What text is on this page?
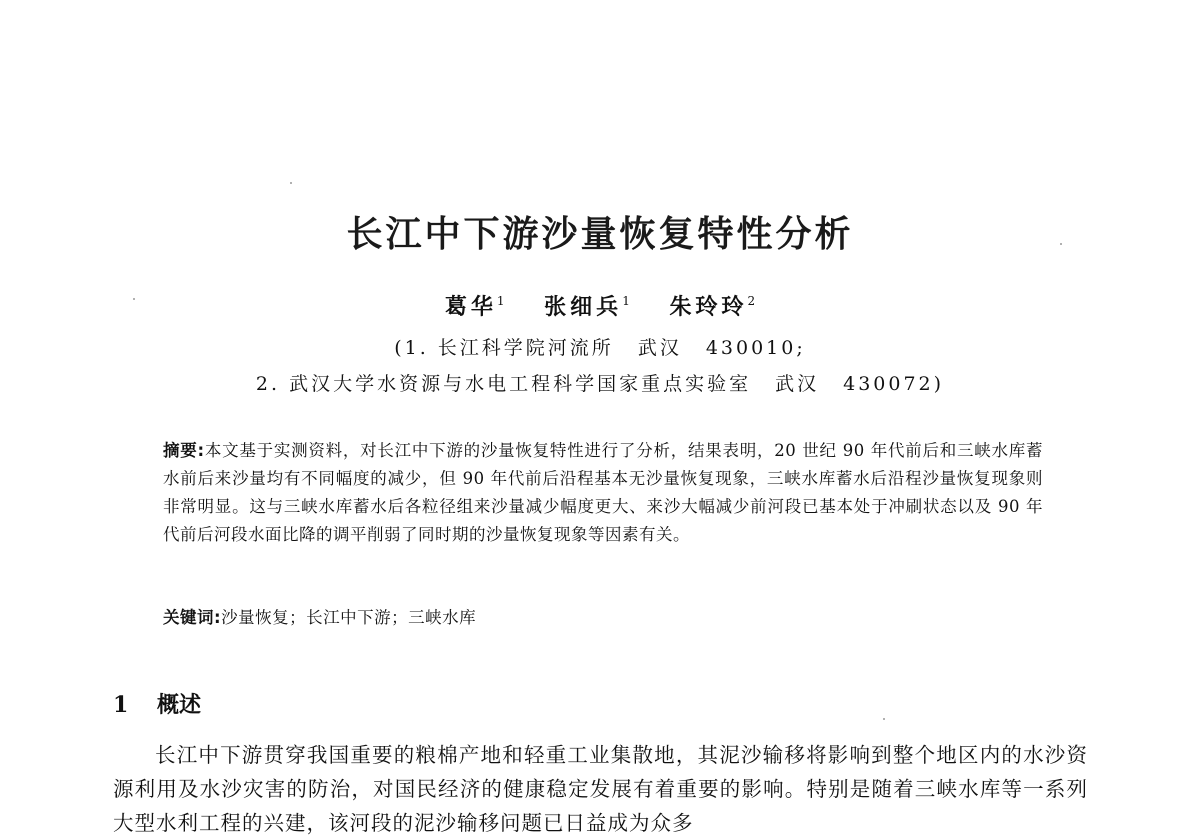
长江中下游沙量恢复特性分析
葛华$^1$ 张细兵$^1$ 朱玲玲$^2$
(1. 长江科学院河流所 武汉 430010;
2. 武汉大学水资源与水电工程科学国家重点实验室 武汉 430072)
摘要:本文基于实测资料，对长江中下游的沙量恢复特性进行了分析，结果表明，20 世纪 90 年代前后和三峡水库蓄水前后来沙量均有不同幅度的减少，但 90 年代前后沿程基本无沙量恢复现象，三峡水库蓄水后沿程沙量恢复现象则非常明显。这与三峡水库蓄水后各粒径组来沙量减少幅度更大、来沙大幅减少前河段已基本处于冲刷状态以及 90 年代前后河段水面比降的调平削弱了同时期的沙量恢复现象等因素有关。
关键词:沙量恢复；长江中下游；三峡水库
1 概述
长江中下游贯穿我国重要的粮棉产地和轻重工业集散地，其泥沙输移将影响到整个地区内的水沙资源利用及水沙灾害的防治，对国民经济的健康稳定发展有着重要的影响。特别是随着三峡水库等一系列大型水利工程的兴建，该河段的泥沙输移问题已日益成为众多
